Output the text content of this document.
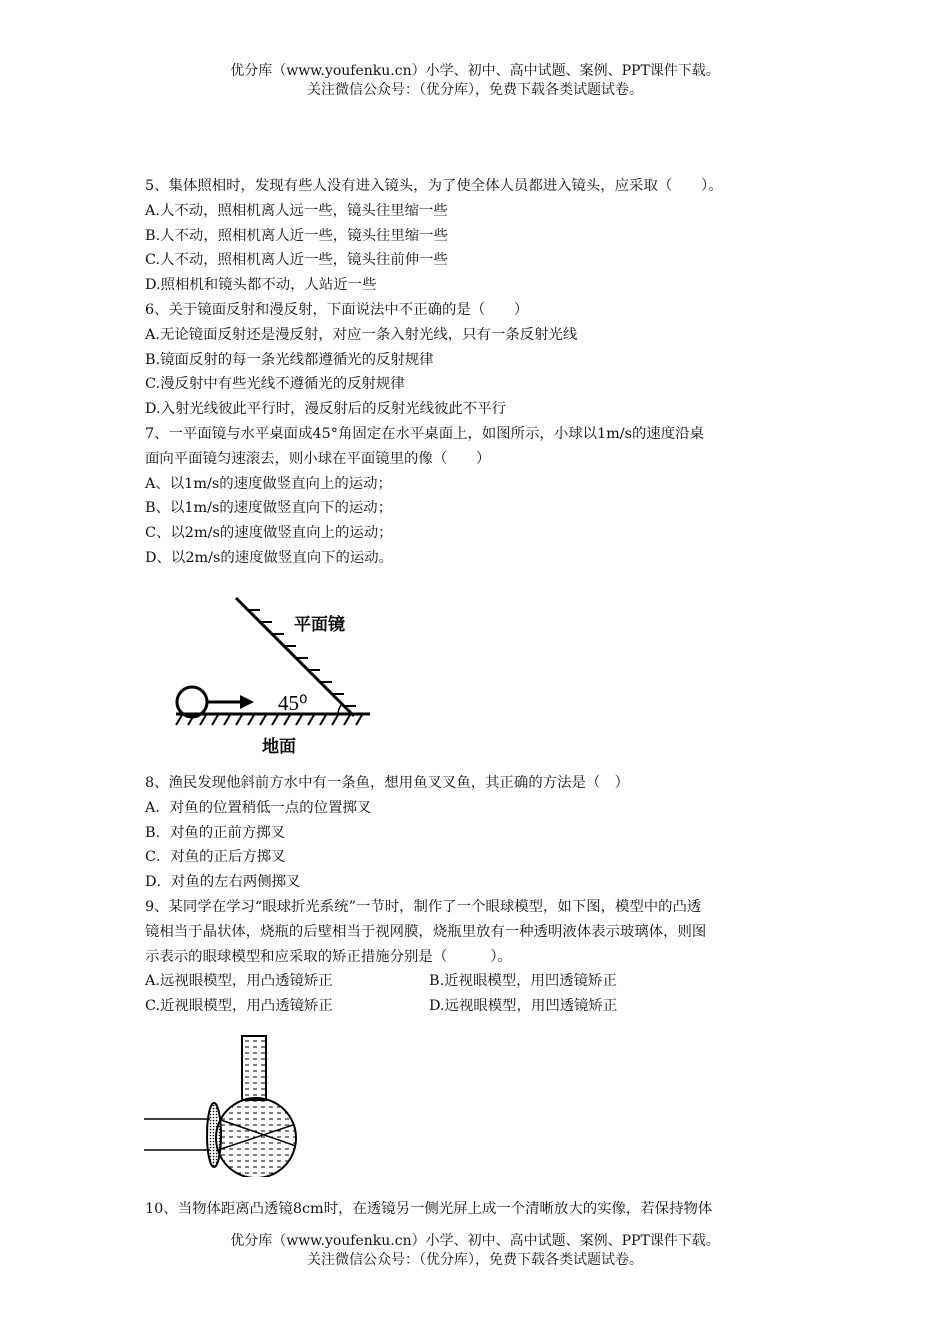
优分库（www.youfenku.cn）小学、初中、高中试题、案例、PPT课件下载。
关注微信公众号：（优分库），免费下载各类试题试卷。

5、集体照相时，发现有些人没有进入镜头，为了使全体人员都进入镜头，应采取（　　）。

A.人不动，照相机离人远一些，镜头往里缩一些

B.人不动，照相机离人近一些，镜头往里缩一些

C.人不动，照相机离人近一些，镜头往前伸一些

D.照相机和镜头都不动，人站近一些

6、关于镜面反射和漫反射，下面说法中不正确的是（　　）

A.无论镜面反射还是漫反射，对应一条入射光线，只有一条反射光线

B.镜面反射的每一条光线都遵循光的反射规律

C.漫反射中有些光线不遵循光的反射规律

D.入射光线彼此平行时，漫反射后的反射光线彼此不平行

7、一平面镜与水平桌面成45°角固定在水平桌面上，如图所示，小球以1m/s的速度沿桌

面向平面镜匀速滚去，则小球在平面镜里的像（　　）

A、以1m/s的速度做竖直向上的运动；

B、以1m/s的速度做竖直向下的运动；

C、以2m/s的速度做竖直向上的运动；

D、以2m/s的速度做竖直向下的运动。

平面镜
45⁰
地面

8、渔民发现他斜前方水中有一条鱼，想用鱼叉叉鱼，其正确的方法是（　）

A．对鱼的位置稍低一点的位置掷叉

B．对鱼的正前方掷叉

C．对鱼的正后方掷叉

D．对鱼的左右两侧掷叉

9、某同学在学习“眼球折光系统”一节时，制作了一个眼球模型，如下图，模型中的凸透

镜相当于晶状体，烧瓶的后壁相当于视网膜，烧瓶里放有一种透明液体表示玻璃体，则图

示表示的眼球模型和应采取的矫正措施分别是（　　　）。

A.远视眼模型，用凸透镜矫正	B.近视眼模型，用凹透镜矫正
C.近视眼模型，用凸透镜矫正	D.远视眼模型，用凹透镜矫正

10、当物体距离凸透镜8cm时，在透镜另一侧光屏上成一个清晰放大的实像，若保持物体

优分库（www.youfenku.cn）小学、初中、高中试题、案例、PPT课件下载。
关注微信公众号：（优分库），免费下载各类试题试卷。
